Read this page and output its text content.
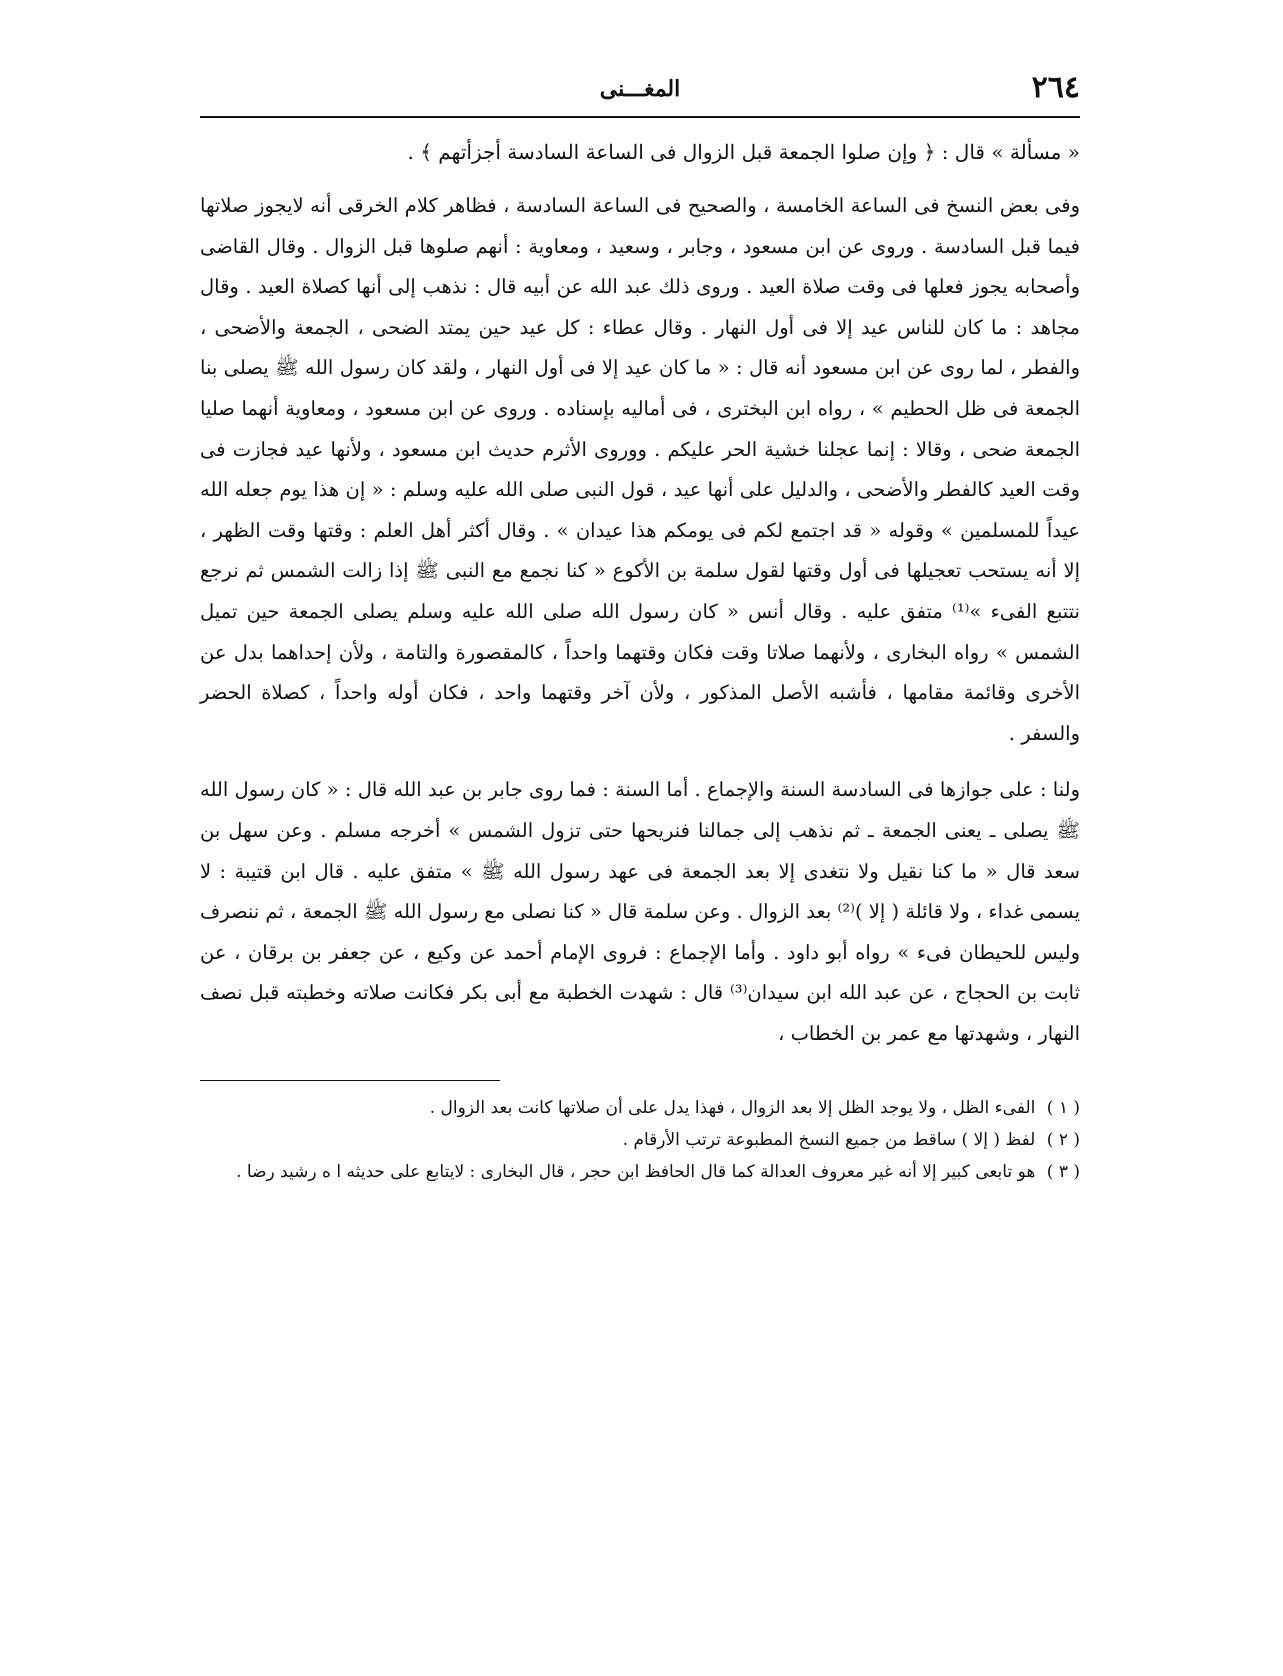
٢٦٤
المغـــنى

« مسألة » قال : ﴿ وإن صلوا الجمعة قبل الزوال فى الساعة السادسة أجزأتهم ﴾ .

وفى بعض النسخ فى الساعة الخامسة ، والصحيح فى الساعة السادسة ، فظاهر كلام الخرقى أنه لايجوز صلاتها فيما قبل السادسة . وروى عن ابن مسعود ، وجابر ، وسعيد ، ومعاوية : أنهم صلوها قبل الزوال . وقال القاضى وأصحابه يجوز فعلها فى وقت صلاة العيد . وروى ذلك عبد الله عن أبيه قال : نذهب إلى أنها كصلاة العيد . وقال مجاهد : ما كان للناس عيد إلا فى أول النهار . وقال عطاء : كل عيد حين يمتد الضحى ، الجمعة والأضحى ، والفطر ، لما روى عن ابن مسعود أنه قال : « ما كان عيد إلا فى أول النهار ، ولقد كان رسول الله ﷺ يصلى بنا الجمعة فى ظل الحطيم » ، رواه ابن البخترى ، فى أماليه بإسناده . وروى عن ابن مسعود ، ومعاوية أنهما صليا الجمعة ضحى ، وقالا : إنما عجلنا خشية الحر عليكم . ووروى الأثرم حديث ابن مسعود ، ولأنها عيد فجازت فى وقت العيد كالفطر والأضحى ، والدليل على أنها عيد ، قول النبى صلى الله عليه وسلم : « إن هذا يوم جعله الله عيداً للمسلمين » وقوله « قد اجتمع لكم فى يومكم هذا عيدان » . وقال أكثر أهل العلم : وقتها وقت الظهر ، إلا أنه يستحب تعجيلها فى أول وقتها لقول سلمة بن الأكوع « كنا نجمع مع النبى ﷺ إذا زالت الشمس ثم نرجع نتتبع الفىء »⁽¹⁾ متفق عليه . وقال أنس « كان رسول الله صلى الله عليه وسلم يصلى الجمعة حين تميل الشمس » رواه البخارى ، ولأنهما صلاتا وقت فكان وقتهما واحداً ، كالمقصورة والتامة ، ولأن إحداهما بدل عن الأخرى وقائمة مقامها ، فأشبه الأصل المذكور ، ولأن آخر وقتهما واحد ، فكان أوله واحداً ، كصلاة الحضر والسفر .

ولنا : على جوازها فى السادسة السنة والإجماع . أما السنة : فما روى جابر بن عبد الله قال : « كان رسول الله ﷺ يصلى ـ يعنى الجمعة ـ ثم نذهب إلى جمالنا فنريحها حتى تزول الشمس » أخرجه مسلم . وعن سهل بن سعد قال « ما كنا نقيل ولا نتغدى إلا بعد الجمعة فى عهد رسول الله ﷺ » متفق عليه . قال ابن قتيبة : لا يسمى غداء ، ولا قائلة ( إلا )⁽²⁾ بعد الزوال . وعن سلمة قال « كنا نصلى مع رسول الله ﷺ الجمعة ، ثم ننصرف وليس للحيطان فىء » رواه أبو داود . وأما الإجماع : فروى الإمام أحمد عن وكيع ، عن جعفر بن برقان ، عن ثابت بن الحجاج ، عن عبد الله ابن سيدان⁽³⁾ قال : شهدت الخطبة مع أبى بكر فكانت صلاته وخطبته قبل نصف النهار ، وشهدتها مع عمر بن الخطاب ،

( ١ ) الفىء الظل ، ولا يوجد الظل إلا بعد الزوال ، فهذا يدل على أن صلاتها كانت بعد الزوال .

( ٢ ) لفظ ( إلا ) ساقط من جميع النسخ المطبوعة ترتب الأرقام .

( ٣ ) هو تابعى كبير إلا أنه غير معروف العدالة كما قال الحافظ ابن حجر ، قال البخارى : لايتابع على حديثه ا ه رشيد رضا .
